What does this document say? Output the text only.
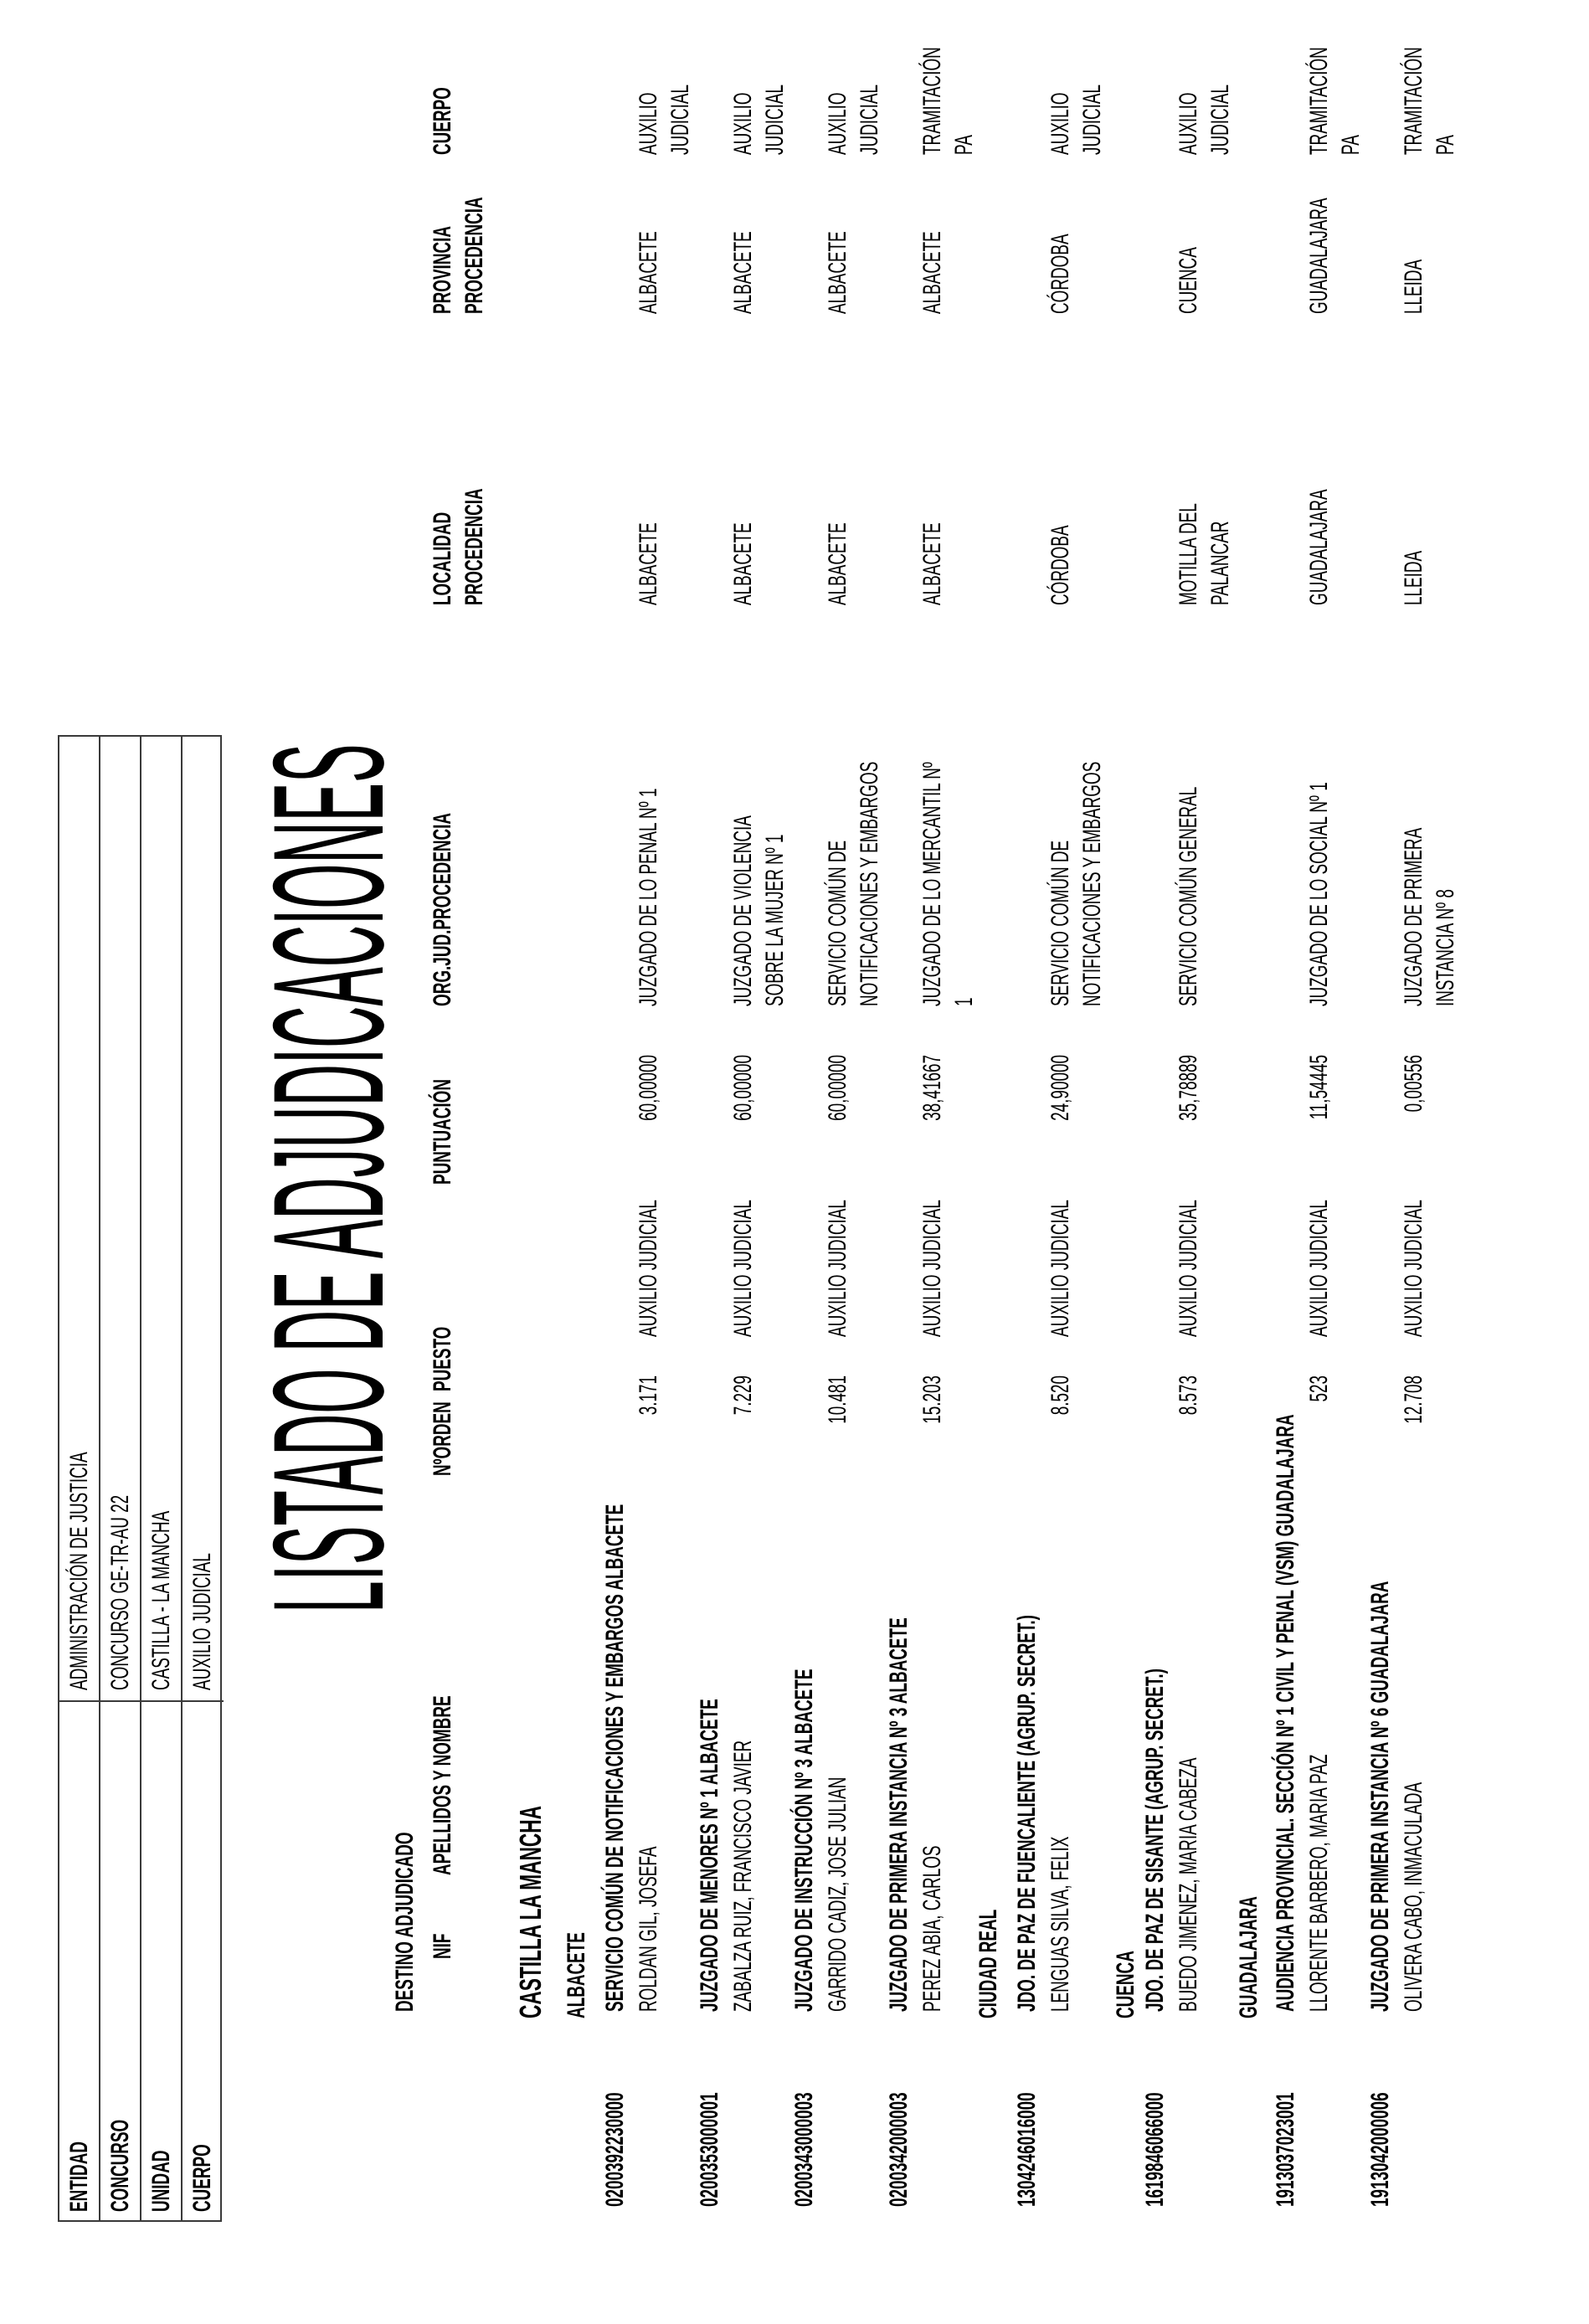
ENTIDAD
ADMINISTRACIÓN DE JUSTICIA
CONCURSO
CONCURSO GE-TR-AU 22
UNIDAD
CASTILLA - LA MANCHA
CUERPO
AUXILIO JUDICIAL
LISTADO DE ADJUDICACIONES
DESTINO ADJUDICADO NIF
APELLIDOS Y NOMBRE
NºORDEN
PUESTO
PUNTUACIÓN
ORG.JUD.PROCEDENCIA
LOCALIDAD PROCEDENCIA
PROVINCIA PROCEDENCIA
CUERPO
CASTILLA LA MANCHA ALBACETE
0200392230000
SERVICIO COMÚN DE NOTIFICACIONES Y EMBARGOS ALBACETE ROLDAN GIL, JOSEFA
3.171
AUXILIO JUDICIAL
60,00000
JUZGADO DE LO PENAL Nº 1
ALBACETE
ALBACETE
AUXILIO JUDICIAL
0200353000001
JUZGADO DE MENORES Nº 1 ALBACETE ZABALZA RUIZ, FRANCISCO JAVIER
7.229
AUXILIO JUDICIAL
60,00000
JUZGADO DE VIOLENCIA SOBRE LA MUJER Nº 1
ALBACETE
ALBACETE
AUXILIO JUDICIAL
0200343000003
JUZGADO DE INSTRUCCIÓN Nº 3 ALBACETE GARRIDO CADIZ, JOSE JULIAN
10.481
AUXILIO JUDICIAL
60,00000
SERVICIO COMÚN DE NOTIFICACIONES Y EMBARGOS
ALBACETE
ALBACETE
AUXILIO JUDICIAL
0200342000003
JUZGADO DE PRIMERA INSTANCIA Nº 3 ALBACETE PEREZ ABIA, CARLOS
15.203
AUXILIO JUDICIAL
38,41667
JUZGADO DE LO MERCANTIL Nº 1
ALBACETE
ALBACETE
TRAMITACIÓN PA
CIUDAD REAL
1304246016000
JDO. DE PAZ DE FUENCALIENTE (AGRUP. SECRET.) LENGUAS SILVA, FELIX
8.520
AUXILIO JUDICIAL
24,90000
SERVICIO COMÚN DE NOTIFICACIONES Y EMBARGOS
CÓRDOBA
CÓRDOBA
AUXILIO JUDICIAL
CUENCA
1619846066000
JDO. DE PAZ DE SISANTE (AGRUP. SECRET.) BUEDO JIMENEZ, MARIA CABEZA
8.573
AUXILIO JUDICIAL
35,78889
SERVICIO COMÚN GENERAL
MOTILLA DEL PALANCAR
CUENCA
AUXILIO JUDICIAL
GUADALAJARA
1913037023001
AUDIENCIA PROVINCIAL. SECCIÓN Nº 1 CIVIL Y PENAL (VSM) GUADALAJARA LLORENTE BARBERO, MARIA PAZ
523
AUXILIO JUDICIAL
11,54445
JUZGADO DE LO SOCIAL Nº 1
GUADALAJARA
GUADALAJARA
TRAMITACIÓN PA
1913042000006
JUZGADO DE PRIMERA INSTANCIA Nº 6 GUADALAJARA OLIVERA CABO, INMACULADA
12.708
AUXILIO JUDICIAL
0,00556
JUZGADO DE PRIMERA INSTANCIA Nº 8
LLEIDA
LLEIDA
TRAMITACIÓN PA
